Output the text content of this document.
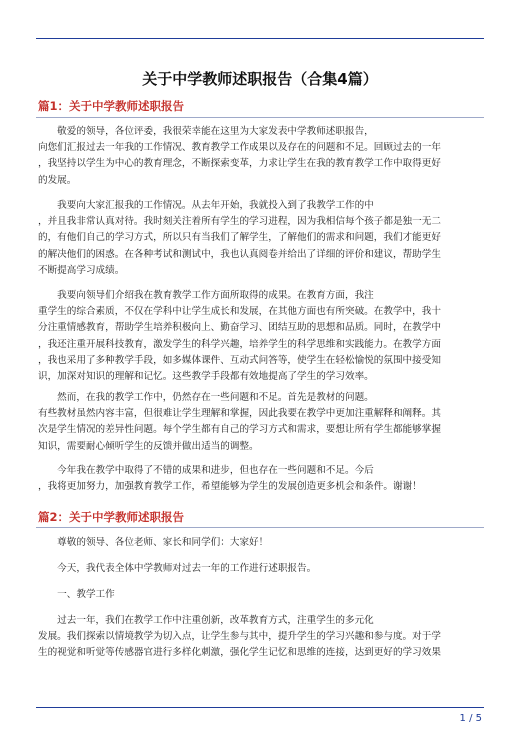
关于中学教师述职报告（合集4篇）
篇1：关于中学教师述职报告

　　敬爱的领导，各位评委，我很荣幸能在这里为大家发表中学教师述职报告，
向您们汇报过去一年我的工作情况、教育教学工作成果以及存在的问题和不足。回顾过去的一年
，我坚持以学生为中心的教育理念，不断探索变革，力求让学生在我的教育教学工作中取得更好
的发展。

　　我要向大家汇报我的工作情况。从去年开始，我就投入到了我教学工作的中
，并且我非常认真对待。我时刻关注着所有学生的学习进程，因为我相信每个孩子都是独一无二
的，有他们自己的学习方式，所以只有当我们了解学生，了解他们的需求和问题，我们才能更好
的解决他们的困惑。在各种考试和测试中，我也认真阅卷并给出了详细的评价和建议，帮助学生
不断提高学习成绩。

　　我要向领导们介绍我在教育教学工作方面所取得的成果。在教育方面，我注
重学生的综合素质，不仅在学科中让学生成长和发展，在其他方面也有所突破。在教学中，我十
分注重情感教育，帮助学生培养积极向上、勤奋学习、团结互助的思想和品质。同时，在教学中
，我还注重开展科技教育，激发学生的科学兴趣，培养学生的科学思维和实践能力。在教学方面
，我也采用了多种教学手段，如多媒体课件、互动式问答等，使学生在轻松愉悦的氛围中接受知
识，加深对知识的理解和记忆。这些教学手段都有效地提高了学生的学习效率。

　　然而，在我的教学工作中，仍然存在一些问题和不足。首先是教材的问题。
有些教材虽然内容丰富，但很难让学生理解和掌握，因此我要在教学中更加注重解释和阐释。其
次是学生情况的差异性问题。每个学生都有自己的学习方式和需求，要想让所有学生都能够掌握
知识，需要耐心倾听学生的反馈并做出适当的调整。

　　今年我在教学中取得了不错的成果和进步，但也存在一些问题和不足。今后
，我将更加努力，加强教育教学工作，希望能够为学生的发展创造更多机会和条件。谢谢！

篇2：关于中学教师述职报告

　　尊敬的领导、各位老师、家长和同学们：大家好！

　　今天，我代表全体中学教师对过去一年的工作进行述职报告。

　　一、教学工作

　　过去一年，我们在教学工作中注重创新，改革教育方式，注重学生的多元化
发展。我们探索以情境教学为切入点，让学生参与其中，提升学生的学习兴趣和参与度。对于学
生的视觉和听觉等传感器官进行多样化刺激，强化学生记忆和思维的连接，达到更好的学习效果

1 / 5
